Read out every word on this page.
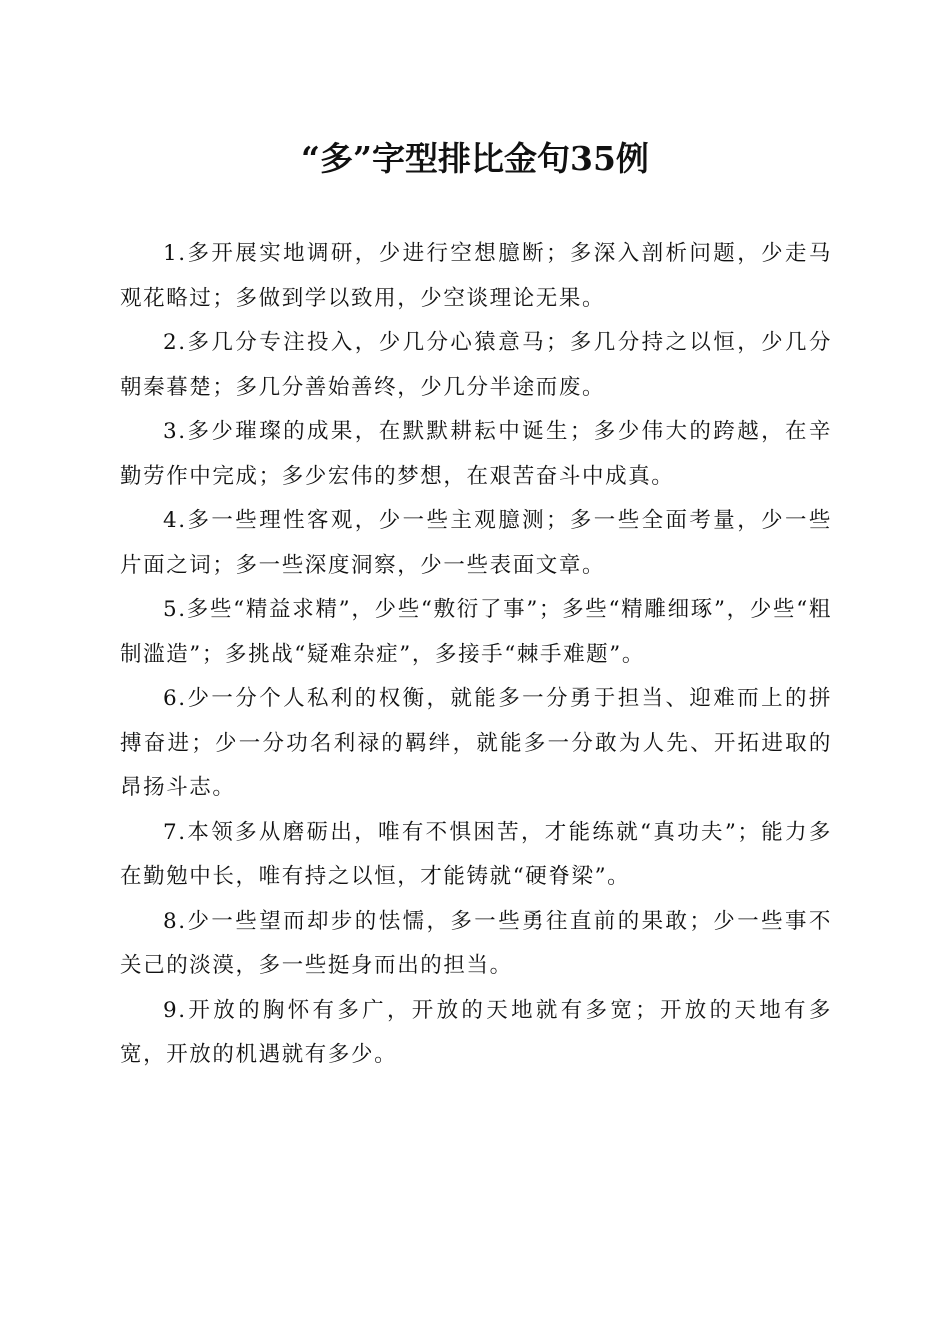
“多”字型排比金句35例

1.多开展实地调研，少进行空想臆断；多深入剖析问题，少走马观花略过；多做到学以致用，少空谈理论无果。

2.多几分专注投入，少几分心猿意马；多几分持之以恒，少几分朝秦暮楚；多几分善始善终，少几分半途而废。

3.多少璀璨的成果，在默默耕耘中诞生；多少伟大的跨越，在辛勤劳作中完成；多少宏伟的梦想，在艰苦奋斗中成真。

4.多一些理性客观，少一些主观臆测；多一些全面考量，少一些片面之词；多一些深度洞察，少一些表面文章。

5.多些“精益求精”，少些“敷衍了事”；多些“精雕细琢”，少些“粗制滥造”；多挑战“疑难杂症”，多接手“棘手难题”。

6.少一分个人私利的权衡，就能多一分勇于担当、迎难而上的拼搏奋进；少一分功名利禄的羁绊，就能多一分敢为人先、开拓进取的昂扬斗志。

7.本领多从磨砺出，唯有不惧困苦，才能练就“真功夫”；能力多在勤勉中长，唯有持之以恒，才能铸就“硬脊梁”。

8.少一些望而却步的怯懦，多一些勇往直前的果敢；少一些事不关己的淡漠，多一些挺身而出的担当。

9.开放的胸怀有多广，开放的天地就有多宽；开放的天地有多宽，开放的机遇就有多少。
